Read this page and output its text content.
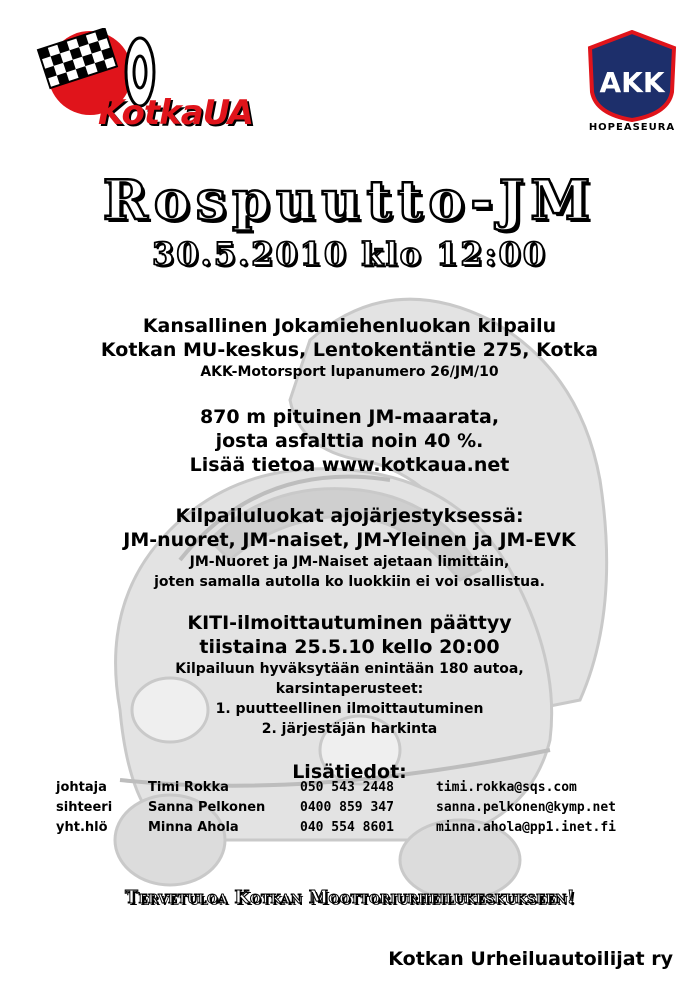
KotkaUA
AKK
HOPEASEURA
Rospuutto-JM
30.5.2010 klo 12:00
Kansallinen Jokamiehenluokan kilpailu
Kotkan MU-keskus, Lentokentäntie 275, Kotka
AKK-Motorsport lupanumero 26/JM/10
870 m pituinen JM-maarata,
josta asfalttia noin 40 %.
Lisää tietoa www.kotkaua.net
Kilpailuluokat ajojärjestyksessä:
JM-nuoret, JM-naiset, JM-Yleinen ja JM-EVK
JM-Nuoret ja JM-Naiset ajetaan limittäin,
joten samalla autolla ko luokkiin ei voi osallistua.
KITI-ilmoittautuminen päättyy
tiistaina 25.5.10 kello 20:00
Kilpailuun hyväksytään enintään 180 autoa,
karsintaperusteet:
1. puutteellinen ilmoittautuminen
2. järjestäjän harkinta
Lisätiedot:
johtaja	Timi Rokka	050 543 2448	timi.rokka@sqs.com
sihteeri	Sanna Pelkonen	0400 859 347	sanna.pelkonen@kymp.net
yht.hlö	Minna Ahola	040 554 8601	minna.ahola@pp1.inet.fi
Tervetuloa Kotkan Moottoriurheilukeskukseen!
Kotkan Urheiluautoilijat ry
